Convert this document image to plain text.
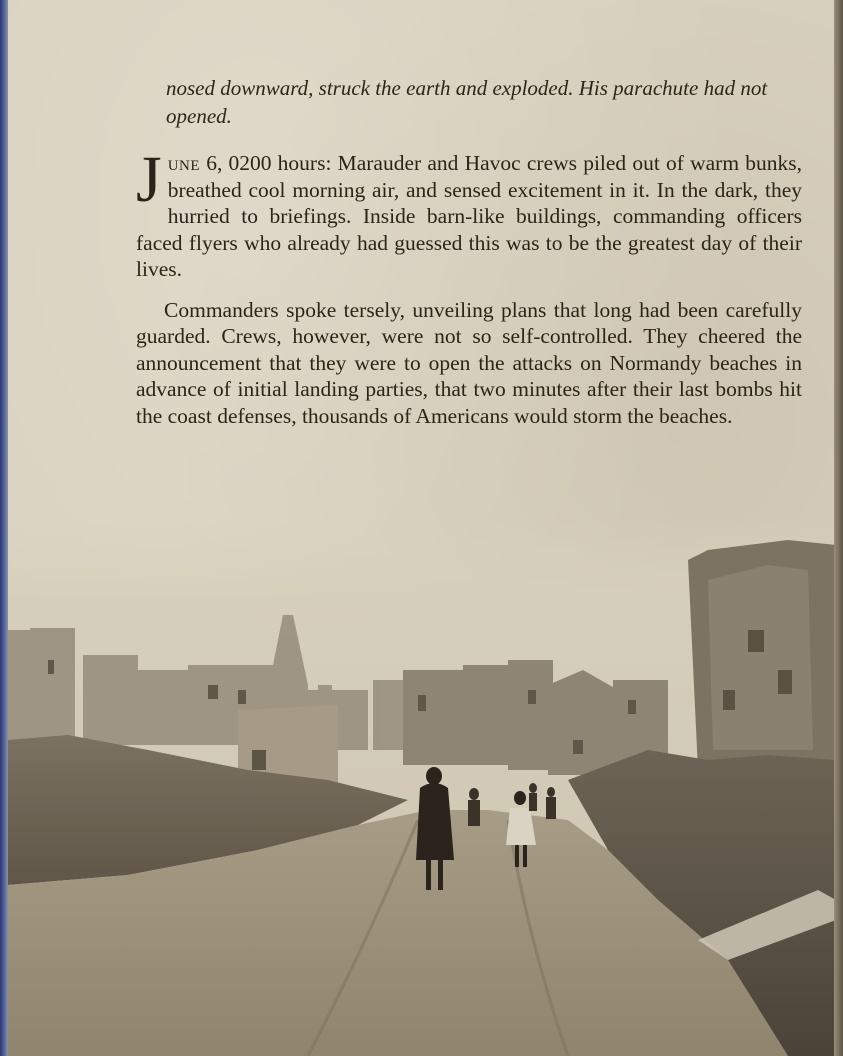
nosed downward, struck the earth and exploded. His parachute had not opened.

June 6, 0200 hours: Marauder and Havoc crews piled out of warm bunks, breathed cool morning air, and sensed excitement in it. In the dark, they hurried to briefings. Inside barn-like buildings, commanding officers faced flyers who already had guessed this was to be the greatest day of their lives.

Commanders spoke tersely, unveiling plans that long had been carefully guarded. Crews, however, were not so self-controlled. They cheered the announcement that they were to open the attacks on Normandy beaches in advance of initial landing parties, that two minutes after their last bombs hit the coast defenses, thousands of Americans would storm the beaches.
